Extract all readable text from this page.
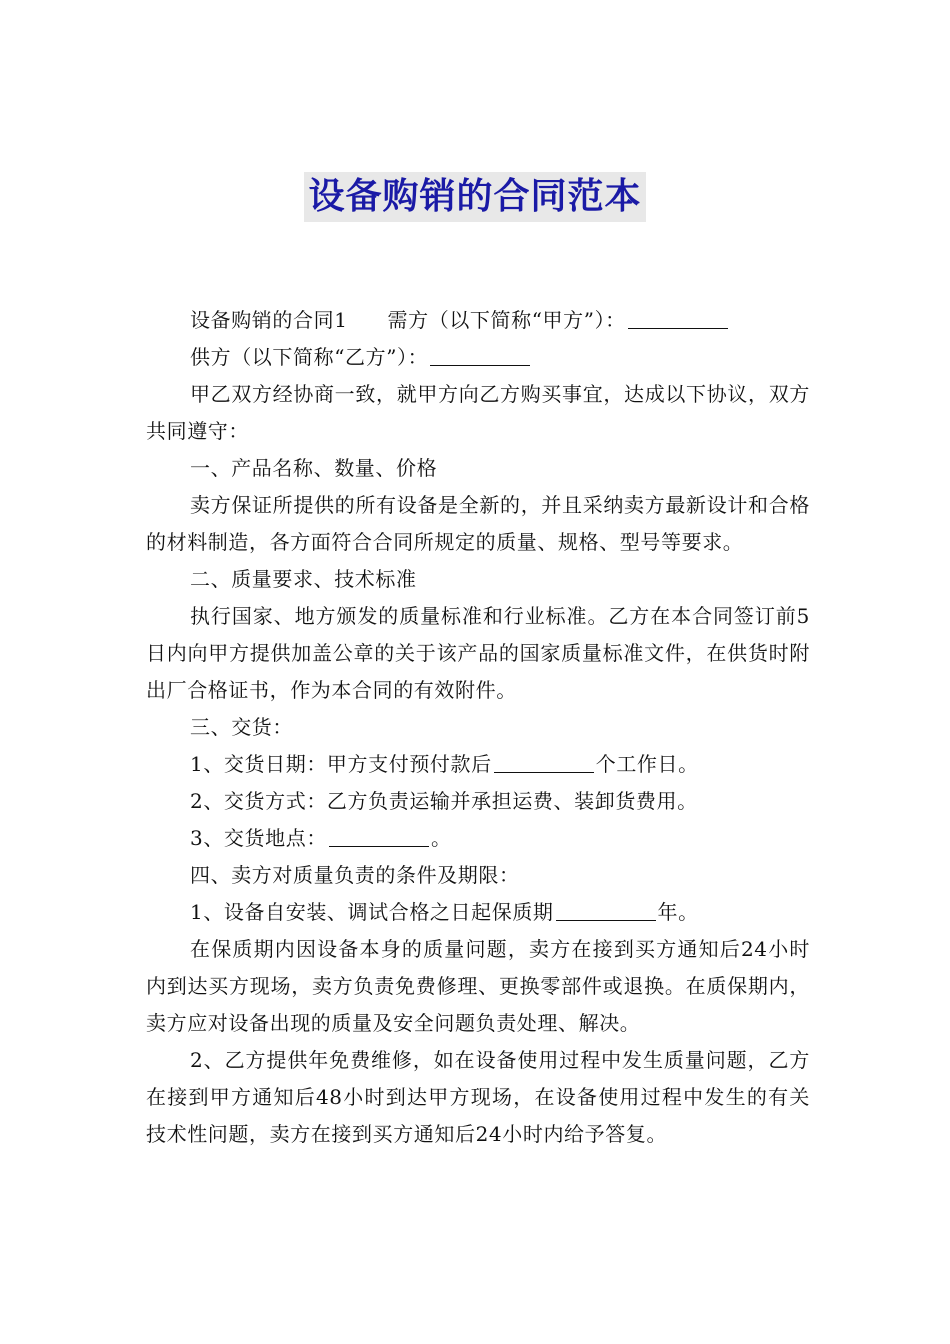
设备购销的合同范本

设备购销的合同1 需方（以下简称“甲方”）：

供方（以下简称“乙方”）：

甲乙双方经协商一致，就甲方向乙方购买事宜，达成以下协议，双方共同遵守：

一、产品名称、数量、价格

卖方保证所提供的所有设备是全新的，并且采纳卖方最新设计和合格的材料制造，各方面符合合同所规定的质量、规格、型号等要求。

二、质量要求、技术标准

执行国家、地方颁发的质量标准和行业标准。乙方在本合同签订前5日内向甲方提供加盖公章的关于该产品的国家质量标准文件，在供货时附出厂合格证书，作为本合同的有效附件。

三、交货：

1、交货日期：甲方支付预付款后	个工作日。

2、交货方式：乙方负责运输并承担运费、装卸货费用。

3、交货地点：	。

四、卖方对质量负责的条件及期限：

1、设备自安装、调试合格之日起保质期	年。

在保质期内因设备本身的质量问题，卖方在接到买方通知后24小时内到达买方现场，卖方负责免费修理、更换零部件或退换。在质保期内，卖方应对设备出现的质量及安全问题负责处理、解决。

2、乙方提供年免费维修，如在设备使用过程中发生质量问题，乙方在接到甲方通知后48小时到达甲方现场，在设备使用过程中发生的有关技术性问题，卖方在接到买方通知后24小时内给予答复。
